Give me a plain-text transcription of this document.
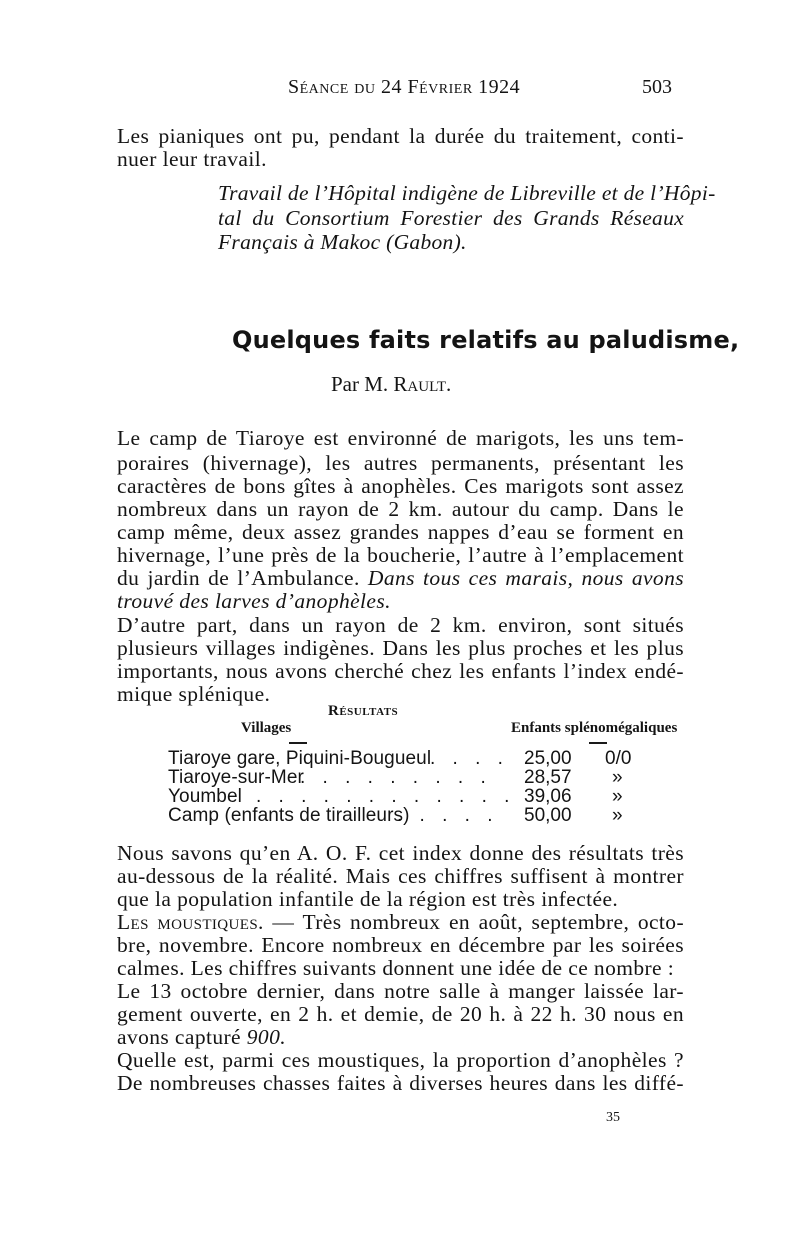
Séance du 24 Février 1924	503
Les pianiques ont pu, pendant la durée du traitement, conti-
nuer leur travail.
Travail de l’Hôpital indigène de Libreville et de l’Hôpi-
tal du Consortium Forestier des Grands Réseaux
Français à Makoc (Gabon).
Quelques faits relatifs au paludisme,
Par M. Rault.
Le camp de Tiaroye est environné de marigots, les uns tem-
poraires (hivernage), les autres permanents, présentant les
caractères de bons gîtes à anophèles. Ces marigots sont assez
nombreux dans un rayon de 2 km. autour du camp. Dans le
camp même, deux assez grandes nappes d’eau se forment en
hivernage, l’une près de la boucherie, l’autre à l’emplacement
du jardin de l’Ambulance. Dans tous ces marais, nous avons
trouvé des larves d’anophèles.
D’autre part, dans un rayon de 2 km. environ, sont situés
plusieurs villages indigènes. Dans les plus proches et les plus
importants, nous avons cherché chez les enfants l’index endé-
mique splénique.
Résultats
Villages	Enfants splénomégaliques
Tiaroye gare, Piquini-Bougueul
. . . . 25,00 0/0
Tiaroye-sur-Mer
. . . . . . . . . 28,57 »
Youmbel . . . . . . . . . . . . 39,06 »
Camp (enfants de tirailleurs)
. . . . . 50,00 »
Nous savons qu’en A. O. F. cet index donne des résultats très
au-dessous de la réalité. Mais ces chiffres suffisent à montrer
que la population infantile de la région est très infectée.
Les moustiques. — Très nombreux en août, septembre, octo-
bre, novembre. Encore nombreux en décembre par les soirées
calmes. Les chiffres suivants donnent une idée de ce nombre :
Le 13 octobre dernier, dans notre salle à manger laissée lar-
gement ouverte, en 2 h. et demie, de 20 h. à 22 h. 30 nous en
avons capturé 900.
Quelle est, parmi ces moustiques, la proportion d’anophèles ?
De nombreuses chasses faites à diverses heures dans les diffé-
35
